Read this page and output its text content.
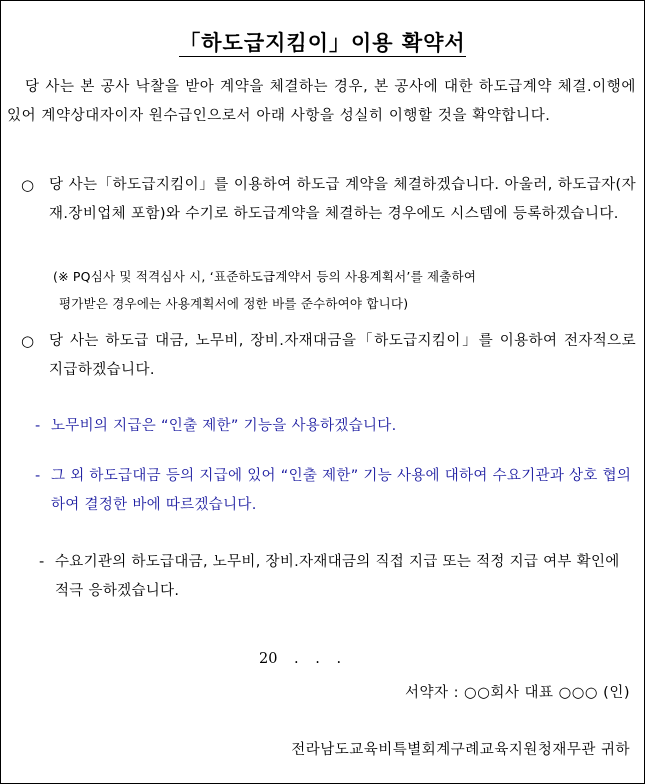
「하도급지킴이」이용 확약서
당 사는 본 공사 낙찰을 받아 계약을 체결하는 경우, 본 공사에 대한 하도급계약 체결.이행에 있어 계약상대자이자 원수급인으로서 아래 사항을 성실히 이행할 것을 확약합니다.
○ 당 사는「하도급지킴이」를 이용하여 하도급 계약을 체결하겠습니다. 아울러, 하도급자(자재.장비업체 포함)와 수기로 하도급계약을 체결하는 경우에도 시스템에 등록하겠습니다.
(※ PQ심사 및 적격심사 시, ‘표준하도급계약서 등의 사용계획서’를 제출하여
평가받은 경우에는 사용계획서에 정한 바를 준수하여야 합니다)
○ 당 사는 하도급 대금, 노무비, 장비.자재대금을「하도급지킴이」를 이용하여 전자적으로 지급하겠습니다.
- 노무비의 지급은 “인출 제한” 기능을 사용하겠습니다.
- 그 외 하도급대금 등의 지급에 있어 “인출 제한” 기능 사용에 대하여 수요기관과 상호 협의하여 결정한 바에 따르겠습니다.
- 수요기관의 하도급대금, 노무비, 장비.자재대금의 직접 지급 또는 적정 지급 여부 확인에 적극 응하겠습니다.
20 . . .
서약자 : ○○회사 대표 ○○○ (인)
전라남도교육비특별회계구례교육지원청재무관 귀하
